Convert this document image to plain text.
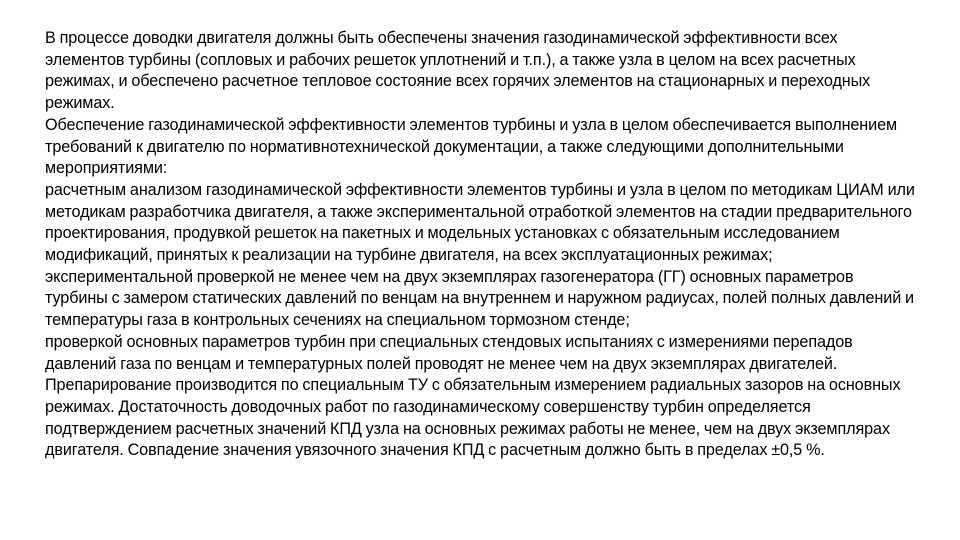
В процессе доводки двигателя должны быть обеспечены значения газодинамической эффективности всех элементов турбины (сопловых и рабочих решеток уплотнений и т.п.), а также узла в целом на всех расчетных режимах, и обеспечено расчетное тепловое состояние всех горячих элементов на стационарных и переходных режимах.

Обеспечение газодинамической эффективности элементов турбины и узла в целом обеспечивается выполнением требований к двигателю по нормативнотехнической документации, а также следующими дополнительными мероприятиями:

расчетным анализом газодинамической эффективности элементов турбины и узла в целом по методикам ЦИАМ или методикам разработчика двигателя, а также экспериментальной отработкой элементов на стадии предварительного проектирования, продувкой решеток на пакетных и модельных установках с обязательным исследованием модификаций, принятых к реализации на турбине двигателя, на всех эксплуатационных режимах; экспериментальной проверкой не менее чем на двух экземплярах газогенератора (ГГ) основных параметров турбины с замером статических давлений по венцам на внутреннем и наружном радиусах, полей полных давлений и температуры газа в контрольных сечениях на специальном тормозном стенде;

проверкой основных параметров турбин при специальных стендовых испытаниях с измерениями перепадов давлений газа по венцам и температурных полей проводят не менее чем на двух экземплярах двигателей.

Препарирование производится по специальным ТУ с обязательным измерением радиальных зазоров на основных режимах. Достаточность доводочных работ по газодинамическому совершенству турбин определяется подтверждением расчетных значений КПД узла на основных режимах работы не менее, чем на двух экземплярах двигателя. Совпадение значения увязочного значения КПД с расчетным должно быть в пределах ±0,5 %.
